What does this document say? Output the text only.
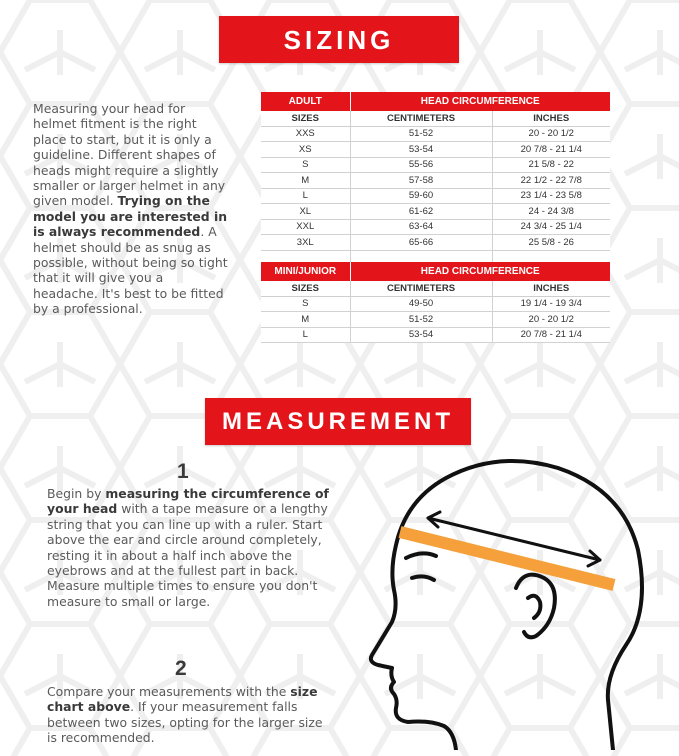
SIZING
Measuring your head for helmet fitment is the right place to start, but it is only a guideline. Different shapes of heads might require a slightly smaller or larger helmet in any given model. Trying on the model you are interested in is always recommended. A helmet should be as snug as possible, without being so tight that it will give you a headache. It's best to be fitted by a professional.
ADULT	HEAD CIRCUMFERENCE	
SIZES	CENTIMETERS	INCHES
XXS	51-52	20 - 20 1/2
XS	53-54	20 7/8 - 21 1/4
S	55-56	21 5/8 - 22
M	57-58	22 1/2 - 22 7/8
L	59-60	23 1/4 - 23 5/8
XL	61-62	24 - 24 3/8
XXL	63-64	24 3/4 - 25 1/4
3XL	65-66	25 5/8 - 26

MINI/JUNIOR	HEAD CIRCUMFERENCE	
SIZES	CENTIMETERS	INCHES
S	49-50	19 1/4 - 19 3/4
M	51-52	20 - 20 1/2
L	53-54	20 7/8 - 21 1/4
MEASUREMENT
1
Begin by measuring the circumference of your head with a tape measure or a lengthy string that you can line up with a ruler. Start above the ear and circle around completely, resting it in about a half inch above the eyebrows and at the fullest part in back. Measure multiple times to ensure you don't measure to small or large.
2
Compare your measurements with the size chart above. If your measurement falls between two sizes, opting for the larger size is recommended.
